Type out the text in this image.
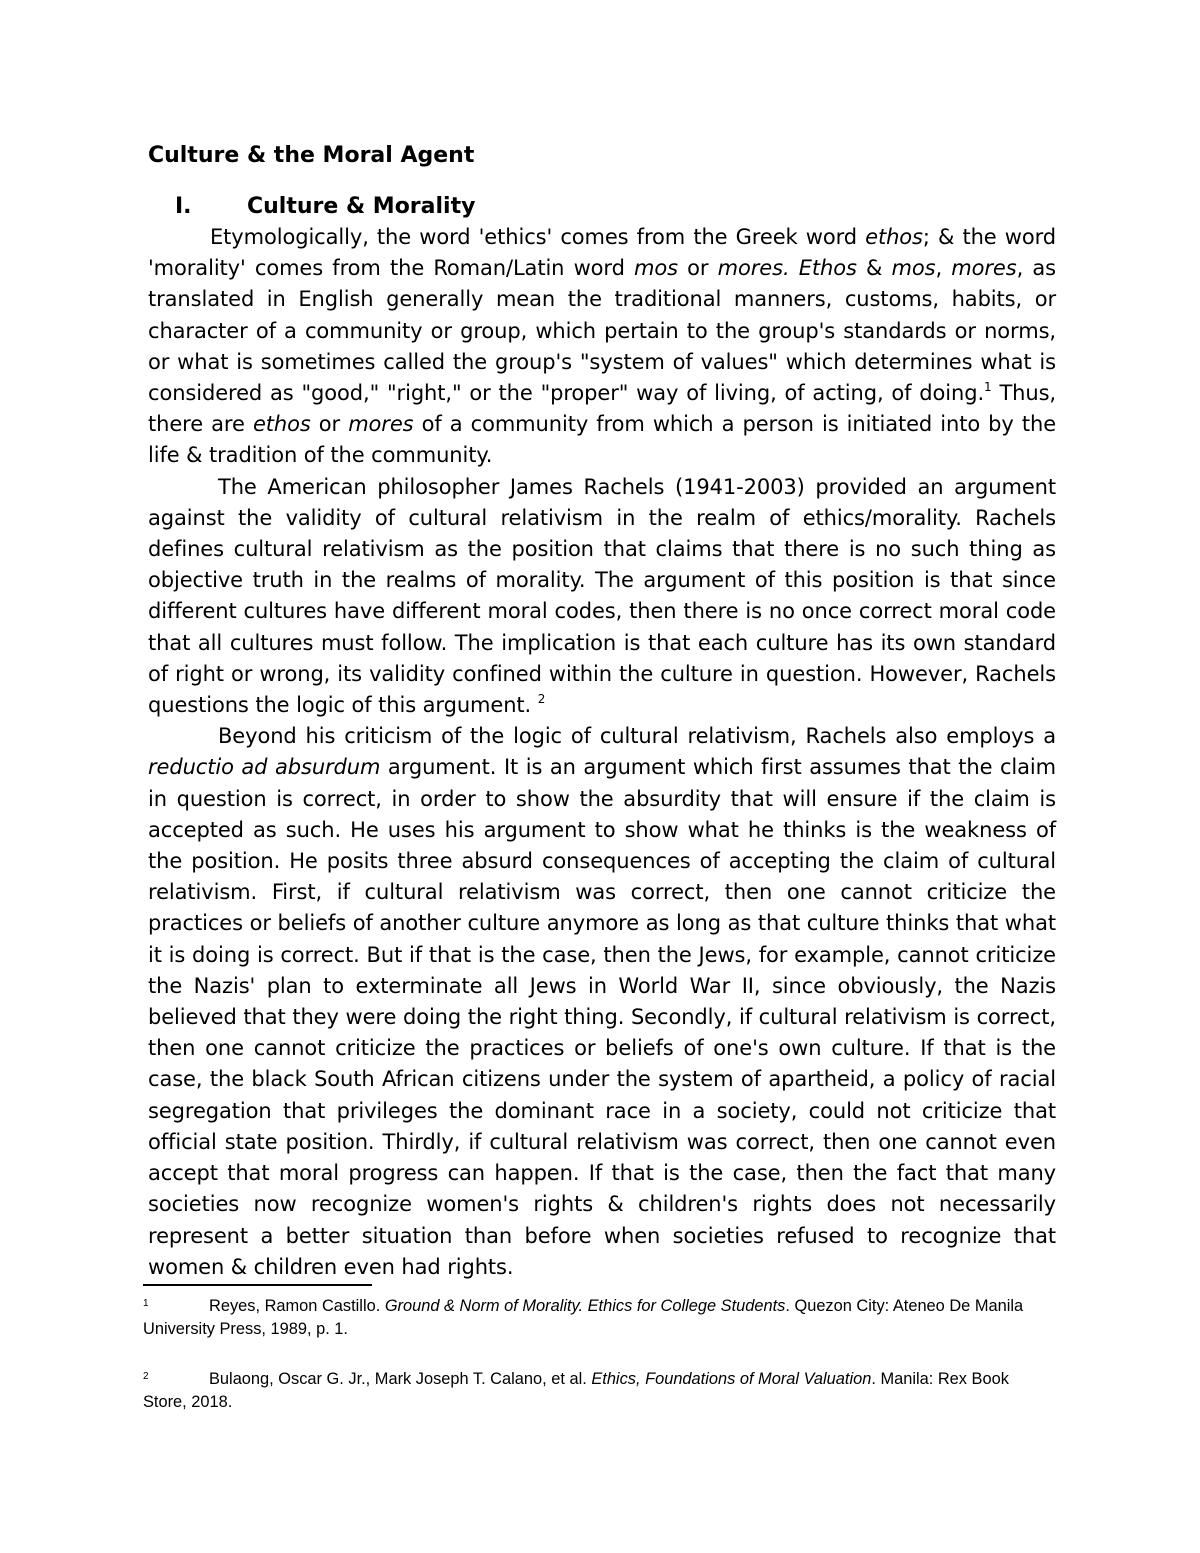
Culture & the Moral Agent
I.	Culture & Morality

Etymologically, the word 'ethics' comes from the Greek word ethos; & the word 'morality' comes from the Roman/Latin word mos or mores. Ethos & mos, mores, as translated in English generally mean the traditional manners, customs, habits, or character of a community or group, which pertain to the group's standards or norms, or what is sometimes called the group's "system of values" which determines what is considered as "good," "right," or the "proper" way of living, of acting, of doing.$^1$ Thus, there are ethos or mores of a community from which a person is initiated into by the life & tradition of the community.

The American philosopher James Rachels (1941-2003) provided an argument against the validity of cultural relativism in the realm of ethics/morality. Rachels defines cultural relativism as the position that claims that there is no such thing as objective truth in the realms of morality. The argument of this position is that since different cultures have different moral codes, then there is no once correct moral code that all cultures must follow. The implication is that each culture has its own standard of right or wrong, its validity confined within the culture in question. However, Rachels questions the logic of this argument. $^2$

Beyond his criticism of the logic of cultural relativism, Rachels also employs a reductio ad absurdum argument. It is an argument which first assumes that the claim in question is correct, in order to show the absurdity that will ensure if the claim is accepted as such. He uses his argument to show what he thinks is the weakness of the position. He posits three absurd consequences of accepting the claim of cultural relativism. First, if cultural relativism was correct, then one cannot criticize the practices or beliefs of another culture anymore as long as that culture thinks that what it is doing is correct. But if that is the case, then the Jews, for example, cannot criticize the Nazis' plan to exterminate all Jews in World War II, since obviously, the Nazis believed that they were doing the right thing. Secondly, if cultural relativism is correct, then one cannot criticize the practices or beliefs of one's own culture. If that is the case, the black South African citizens under the system of apartheid, a policy of racial segregation that privileges the dominant race in a society, could not criticize that official state position. Thirdly, if cultural relativism was correct, then one cannot even accept that moral progress can happen. If that is the case, then the fact that many societies now recognize women's rights & children's rights does not necessarily represent a better situation than before when societies refused to recognize that women & children even had rights.

1	Reyes, Ramon Castillo. Ground & Norm of Morality. Ethics for College Students. Quezon City: Ateneo De Manila University Press, 1989, p. 1.
2	Bulaong, Oscar G. Jr., Mark Joseph T. Calano, et al. Ethics, Foundations of Moral Valuation. Manila: Rex Book Store, 2018.
